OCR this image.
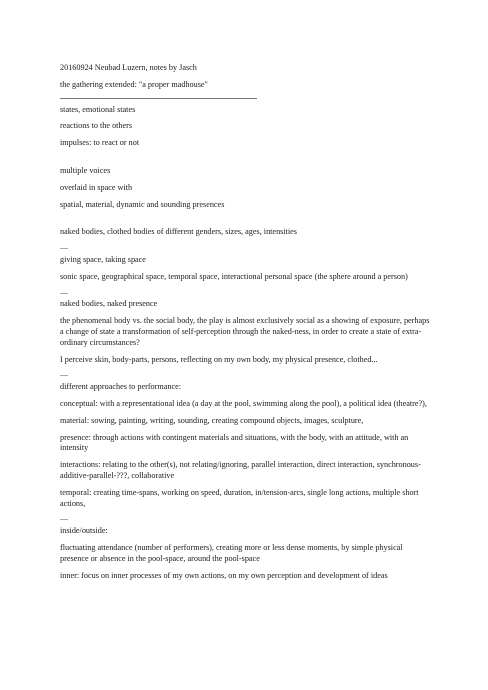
20160924 Neubad Luzern, notes by Jasch

the gathering extended: "a proper madhouse"

states, emotional states

reactions to the others

impulses: to react or not

multiple voices

overlaid in space with

spatial, material, dynamic and sounding presences

naked bodies, clothed bodies of different genders, sizes, ages, intensities

—

giving space, taking space

sonic space, geographical space, temporal space, interactional personal space (the sphere around a person)

—

naked bodies, naked presence

the phenomenal body vs. the social body, the play is almost exclusively social as a showing of exposure, perhaps a change of state a transformation of self-perception through the naked-ness, in order to create a state of extra-ordinary circumstances?

I perceive skin, body-parts, persons, reflecting on my own body, my physical presence, clothed...

—

different approaches to performance:

conceptual: with a representational idea (a day at the pool, swimming along the pool), a political idea (theatre?),

material: sowing, painting, writing, sounding, creating compound objects, images, sculpture,

presence: through actions with contingent materials and situations, with the body, with an attitude, with an intensity

interactions: relating to the other(s), not relating/ignoring, parallel interaction, direct interaction, synchronous-additive-parallel-???, collaborative

temporal: creating time-spans, working on speed, duration, in/tension-arcs, single long actions, multiple short actions,

—

inside/outside:

fluctuating attendance (number of performers), creating more or less dense moments, by simple physical presence or absence in the pool-space, around the pool-space

inner: focus on inner processes of my own actions, on my own perception and development of ideas
